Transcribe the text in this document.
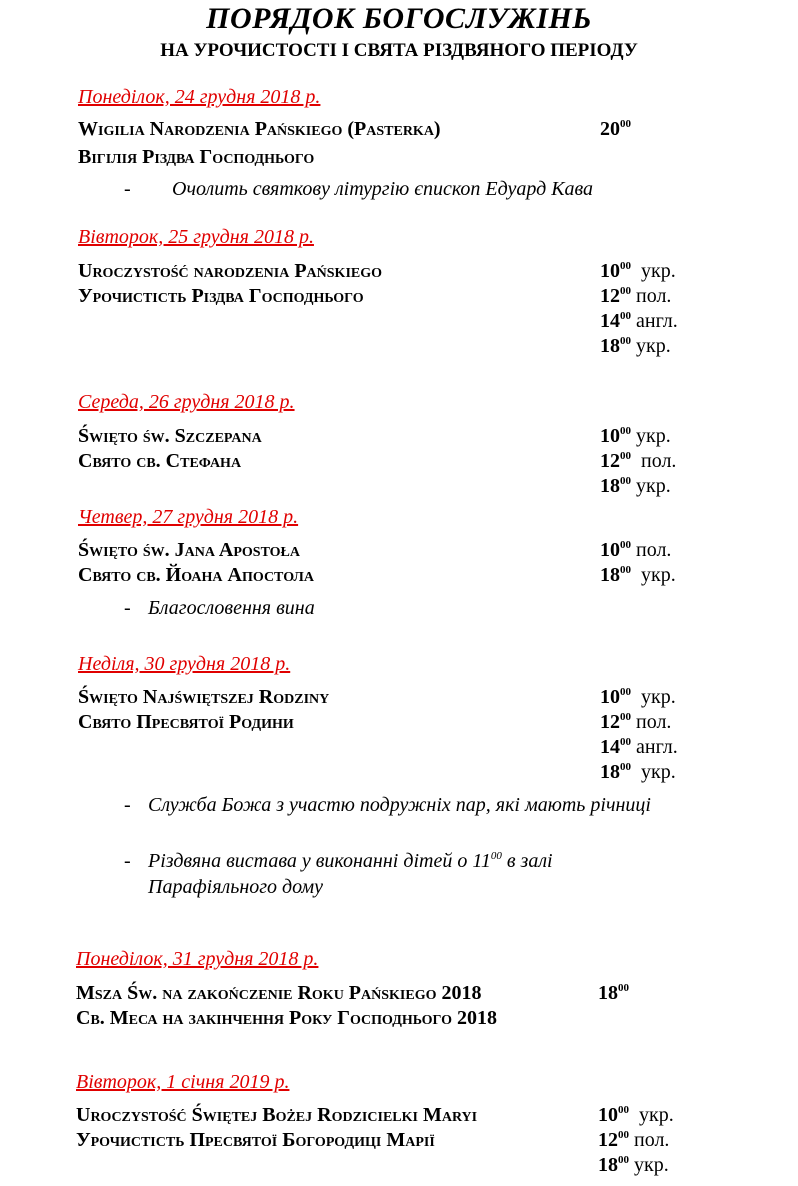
ПОРЯДОК БОГОСЛУЖІНЬ
НА УРОЧИСТОСТІ І СВЯТА РІЗДВЯНОГО ПЕРІОДУ
Понеділок, 24 грудня 2018 р.
Wigilia Narodzenia Pańskiego (Pasterka)
Вігілія Різдва Господнього
$20^{00}$
- Очолить святкову літургію єпископ Едуард Кава
Вівторок, 25 грудня 2018 р.
Uroczystość narodzenia Pańskiego
Урочистість Різдва Господнього
$10^{00}$ укр.
$12^{00}$ пол.
$14^{00}$ англ.
$18^{00}$ укр.
Середа, 26 грудня 2018 р.
Święto św. Szczepana
Свято св. Стефана
$10^{00}$ укр.
$12^{00}$ пол.
$18^{00}$ укр.
Четвер, 27 грудня 2018 р.
Święto św. Jana Apostoła
Свято св. Йоана Апостола
$10^{00}$ пол.
$18^{00}$ укр.
- Благословення вина
Неділя, 30 грудня 2018 р.
Święto Najświętszej Rodziny
Свято Пресвятої Родини
$10^{00}$ укр.
$12^{00}$ пол.
$14^{00}$ англ.
$18^{00}$ укр.
- Служба Божа з участю подружніх пар, які мають річниці
- Різдвяна вистава у виконанні дітей о $11^{00}$ в залі
Парафіяльного дому
Понеділок, 31 грудня 2018 р.
Msza Św. na zakończenie Roku Pańskiego 2018
Св. Меса на закінчення Року Господнього 2018
$18^{00}$
Вівторок, 1 січня 2019 р.
Uroczystość Świętej Bożej Rodzicielki Maryi
Урочистість Пресвятої Богородиці Марії
$10^{00}$ укр.
$12^{00}$ пол.
$18^{00}$ укр.
